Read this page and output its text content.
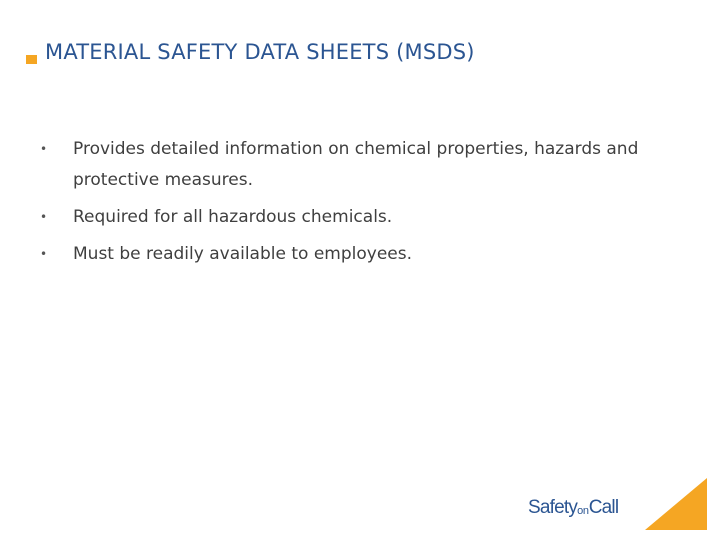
MATERIAL SAFETY DATA SHEETS (MSDS)
•	Provides detailed information on chemical properties, hazards and protective measures.
•	Required for all hazardous chemicals.
•	Must be readily available to employees.
SafetyonCall
